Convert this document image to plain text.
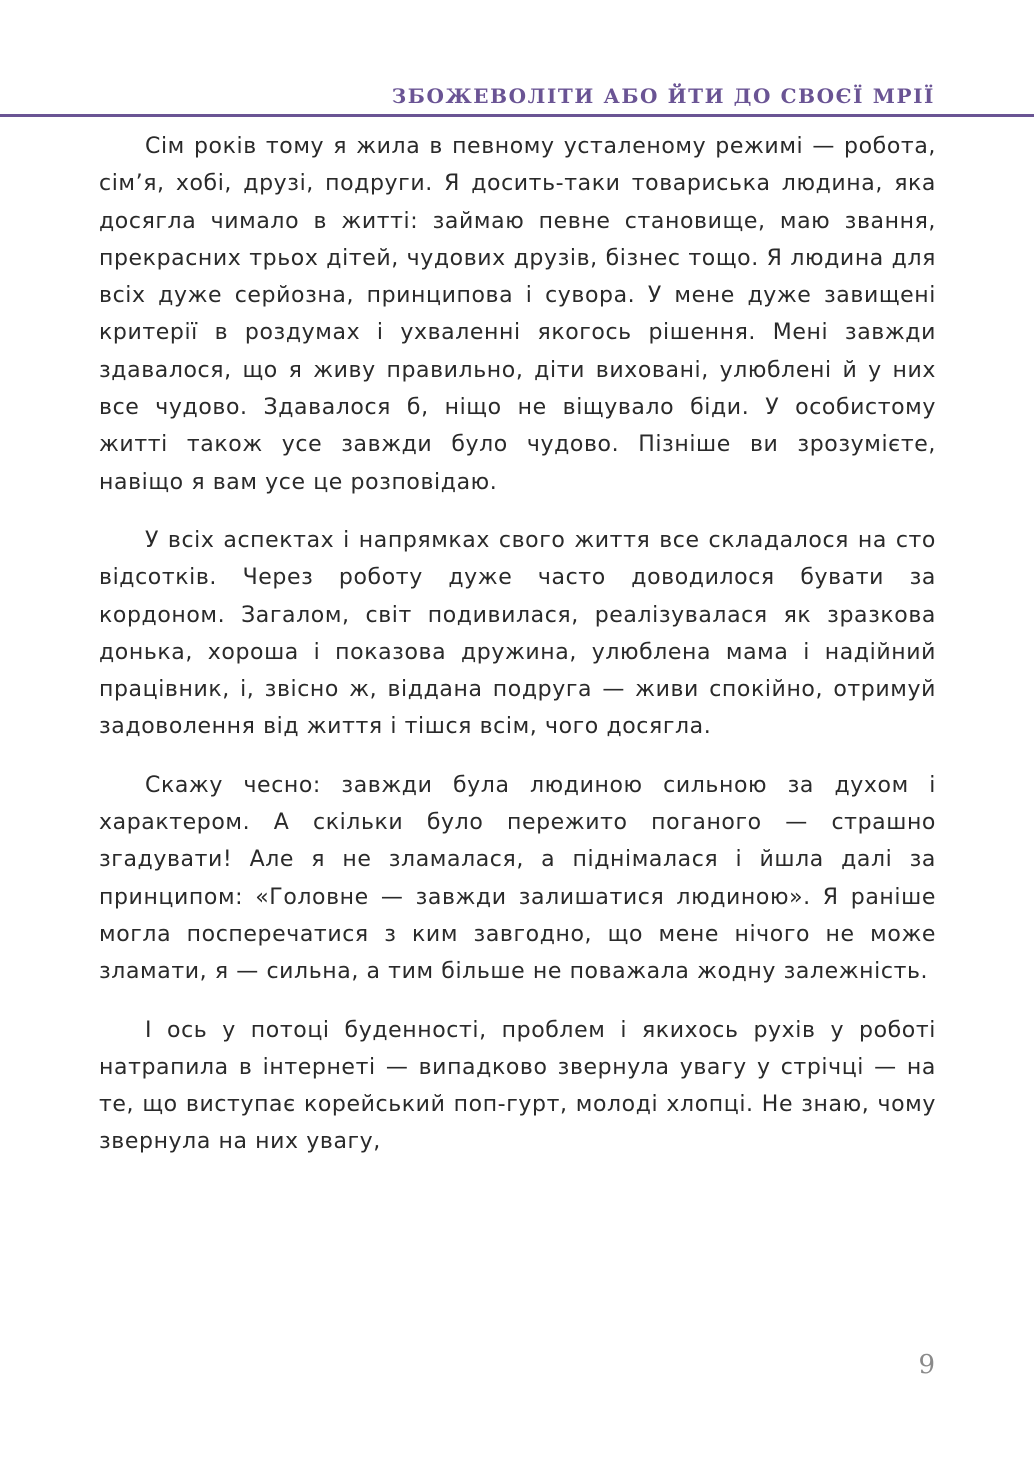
ЗБОЖЕВОЛІТИ АБО ЙТИ ДО СВОЄЇ МРІЇ

Сім років тому я жила в певному усталеному режимі — робота, сім’я, хобі, друзі, подруги. Я досить-таки товариська людина, яка досягла чимало в житті: займаю певне становище, маю звання, прекрасних трьох дітей, чудових друзів, бізнес тощо. Я людина для всіх дуже серйозна, принципова і сувора. У мене дуже завищені критерії в роздумах і ухваленні якогось рішення. Мені завжди здавалося, що я живу правильно, діти виховані, улюблені й у них все чудово. Здавалося б, ніщо не віщувало біди. У особистому житті також усе завжди було чудово. Пізніше ви зрозумієте, навіщо я вам усе це розповідаю.

У всіх аспектах і напрямках свого життя все складалося на сто відсотків. Через роботу дуже часто доводилося бувати за кордоном. Загалом, світ подивилася, реалізувалася як зразкова донька, хороша і показова дружина, улюблена мама і надійний працівник, і, звісно ж, віддана подруга — живи спокійно, отримуй задоволення від життя і тішся всім, чого досягла.

Скажу чесно: завжди була людиною сильною за духом і характером. А скільки було пережито поганого — страшно згадувати! Але я не зламалася, а піднімалася і йшла далі за принципом: «Головне — завжди залишатися людиною». Я раніше могла посперечатися з ким завгодно, що мене нічого не може зламати, я — сильна, а тим більше не поважала жодну залежність.

І ось у потоці буденності, проблем і якихось рухів у роботі натрапила в інтернеті — випадково звернула увагу у стрічці — на те, що виступає корейський поп-гурт, молоді хлопці. Не знаю, чому звернула на них увагу,

9
